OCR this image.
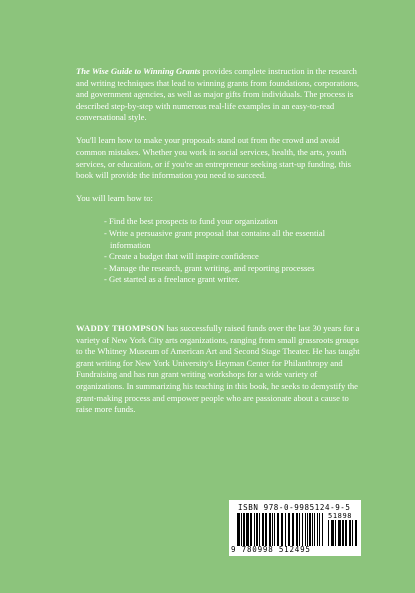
The Wise Guide to Winning Grants provides complete instruction in the research and writing techniques that lead to winning grants from foundations, corporations, and government agencies, as well as major gifts from individuals. The process is described step-by-step with numerous real-life examples in an easy-to-read conversational style.

You'll learn how to make your proposals stand out from the crowd and avoid common mistakes. Whether you work in social services, health, the arts, youth services, or education, or if you're an entrepreneur seeking start-up funding, this book will provide the information you need to succeed.

You will learn how to:

- Find the best prospects to fund your organization
- Write a persuasive grant proposal that contains all the essential information
- Create a budget that will inspire confidence
- Manage the research, grant writing, and reporting processes
- Get started as a freelance grant writer.
WADDY THOMPSON has successfully raised funds over the last 30 years for a variety of New York City arts organizations, ranging from small grassroots groups to the Whitney Museum of American Art and Second Stage Theater. He has taught grant writing for New York University's Heyman Center for Philanthropy and Fundraising and has run grant writing workshops for a wide variety of organizations. In summarizing his teaching in this book, he seeks to demystify the grant-making process and empower people who are passionate about a cause to raise more funds.
ISBN 978-0-9985124-9-5
51898
9 780998 512495
